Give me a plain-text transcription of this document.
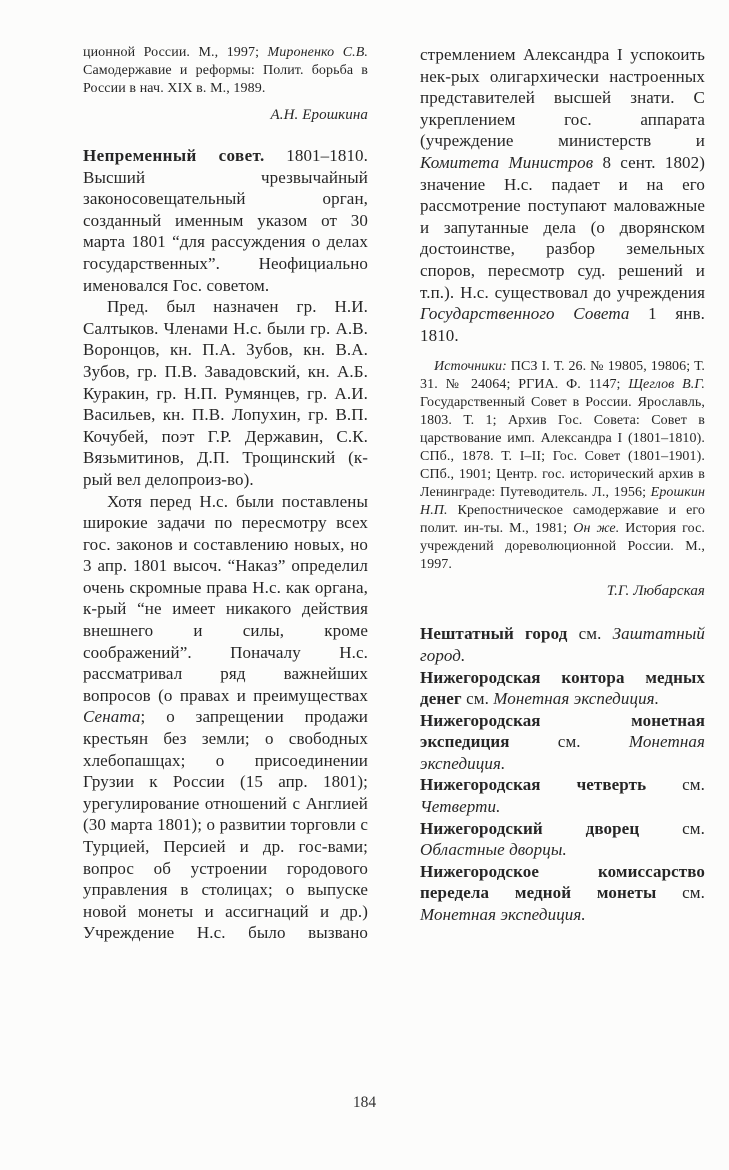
ционной России. М., 1997; Мироненко С.В. Самодержавие и реформы: Полит. борьба в России в нач. XIX в. М., 1989.

А.Н. Ерошкина

Непременный совет. 1801–1810. Высший чрезвычайный законосовещательный орган, созданный именным указом от 30 марта 1801 “для рассуждения о делах государственных”. Неофициально именовался Гос. советом.

Пред. был назначен гр. Н.И. Салтыков. Членами Н.с. были гр. А.В. Воронцов, кн. П.А. Зубов, кн. В.А. Зубов, гр. П.В. Завадовский, кн. А.Б. Куракин, гр. Н.П. Румянцев, гр. А.И. Васильев, кн. П.В. Лопухин, гр. В.П. Кочубей, поэт Г.Р. Державин, С.К. Вязьмитинов, Д.П. Трощинский (к-рый вел делопроиз-во).

Хотя перед Н.с. были поставлены широкие задачи по пересмотру всех гос. законов и составлению новых, но 3 апр. 1801 высоч. “Наказ” определил очень скромные права Н.с. как органа, к-рый “не имеет никакого действия внешнего и силы, кроме соображений”. Поначалу Н.с. рассматривал ряд важнейших вопросов (о правах и преимуществах Сената; о запрещении продажи крестьян без земли; о свободных хлебопашцах; о присоединении Грузии к России (15 апр. 1801); урегулирование отношений с Англией (30 марта 1801); о развитии торговли с Турцией, Персией и др. гос-вами; вопрос об устроении городового управления в столицах; о выпуске новой монеты и ассигнаций и др.) Учреждение Н.с. было вызвано

стремлением Александра I успокоить нек-рых олигархически настроенных представителей высшей знати. С укреплением гос. аппарата (учреждение министерств и Комитета Министров 8 сент. 1802) значение Н.с. падает и на его рассмотрение поступают маловажные и запутанные дела (о дворянском достоинстве, разбор земельных споров, пересмотр суд. решений и т.п.). Н.с. существовал до учреждения Государственного Совета 1 янв. 1810.

Источники: ПСЗ I. Т. 26. № 19805, 19806; Т. 31. № 24064; РГИА. Ф. 1147; Щеглов В.Г. Государственный Совет в России. Ярославль, 1803. Т. 1; Архив Гос. Совета: Совет в царствование имп. Александра I (1801–1810). СПб., 1878. Т. I–II; Гос. Совет (1801–1901). СПб., 1901; Центр. гос. исторический архив в Ленинграде: Путеводитель. Л., 1956; Ерошкин Н.П. Крепостническое самодержавие и его полит. ин-ты. М., 1981; Он же. История гос. учреждений дореволюционной России. М., 1997.

Т.Г. Любарская

Нештатный город см. Заштатный город.

Нижегородская контора медных денег см. Монетная экспедиция.

Нижегородская монетная экспедиция см. Монетная экспедиция.

Нижегородская четверть см. Четверти.

Нижегородский дворец см. Областные дворцы.

Нижегородское комиссарство передела медной монеты см. Монетная экспедиция.

184
